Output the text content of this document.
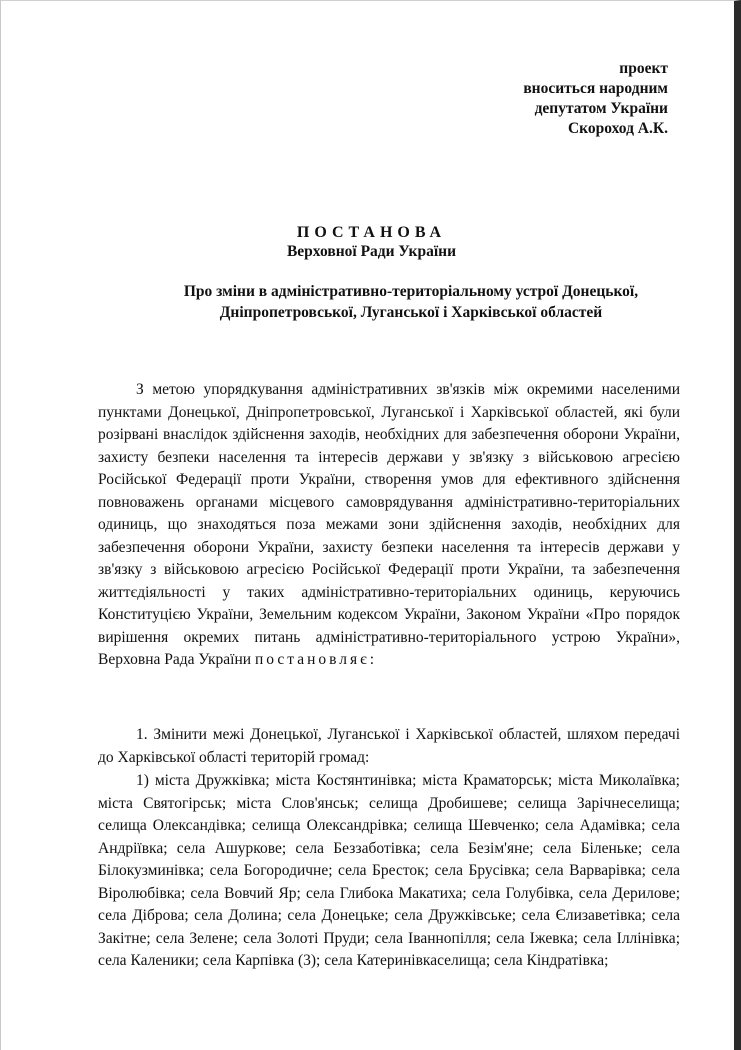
проект
вноситься народним
депутатом України
Скороход А.К.
ПОСТАНОВА
Верховної Ради України
Про зміни в адміністративно-територіальному устрої Донецької,
Дніпропетровської, Луганської і Харківської областей
З метою упорядкування адміністративних зв'язків між окремими населеними пунктами Донецької, Дніпропетровської, Луганської і Харківської областей, які були розірвані внаслідок здійснення заходів, необхідних для забезпечення оборони України, захисту безпеки населення та інтересів держави у зв'язку з військовою агресією Російської Федерації проти України, створення умов для ефективного здійснення повноважень органами місцевого самоврядування адміністративно-територіальних одиниць, що знаходяться поза межами зони здійснення заходів, необхідних для забезпечення оборони України, захисту безпеки населення та інтересів держави у зв'язку з військовою агресією Російської Федерації проти України, та забезпечення життєдіяльності у таких адміністративно-територіальних одиниць, керуючись Конституцією України, Земельним кодексом України, Законом України «Про порядок вирішення окремих питань адміністративно-територіального устрою України», Верховна Рада України постановляє:
1. Змінити межі Донецької, Луганської і Харківської областей, шляхом передачі до Харківської області територій громад:
1) міста Дружківка; міста Костянтинівка; міста Краматорськ; міста Миколаївка; міста Святогірськ; міста Слов'янськ; селища Дробишеве; селища Зарічнеселища; селища Олександівка; селища Олександрівка; селища Шевченко; села Адамівка; села Андріївка; села Ашуркове; села Беззаботівка; села Безім'яне; села Біленьке; села Білокузминівка; села Богородичне; села Бресток; села Брусівка; села Варварівка; села Віролюбівка; села Вовчий Яр; села Глибока Макатиха; села Голубівка, села Дерилове; села Діброва; села Долина; села Донецьке; села Дружківське; села Єлизаветівка; села Закітне; села Зелене; села Золоті Пруди; села Іваннопілля; села Іжевка; села Іллінівка; села Каленики; села Карпівка (3); села Катеринівкаселища; села Кіндратівка;
